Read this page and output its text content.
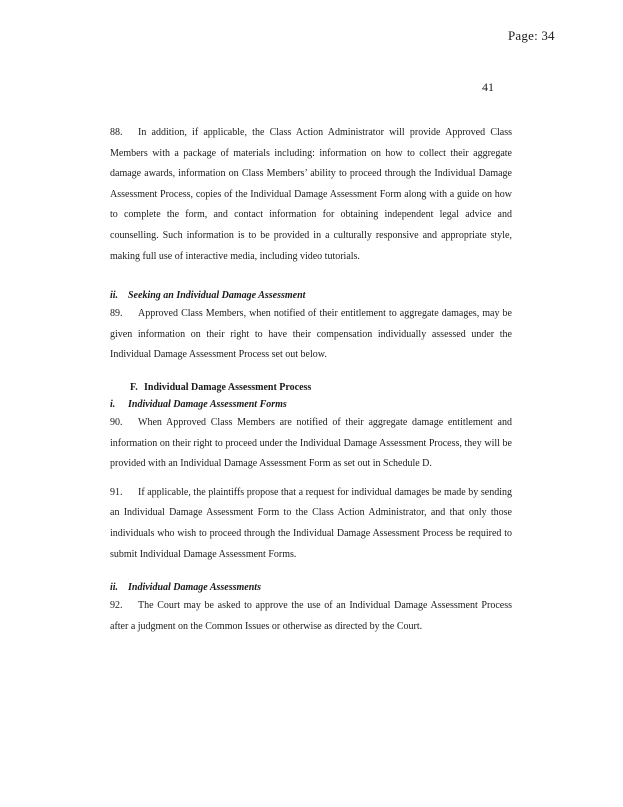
Page: 34
41

88. In addition, if applicable, the Class Action Administrator will provide Approved Class Members with a package of materials including: information on how to collect their aggregate damage awards, information on Class Members’ ability to proceed through the Individual Damage Assessment Process, copies of the Individual Damage Assessment Form along with a guide on how to complete the form, and contact information for obtaining independent legal advice and counselling. Such information is to be provided in a culturally responsive and appropriate style, making full use of interactive media, including video tutorials.

ii. Seeking an Individual Damage Assessment

89. Approved Class Members, when notified of their entitlement to aggregate damages, may be given information on their right to have their compensation individually assessed under the Individual Damage Assessment Process set out below.

F. Individual Damage Assessment Process

i. Individual Damage Assessment Forms

90. When Approved Class Members are notified of their aggregate damage entitlement and information on their right to proceed under the Individual Damage Assessment Process, they will be provided with an Individual Damage Assessment Form as set out in Schedule D.

91. If applicable, the plaintiffs propose that a request for individual damages be made by sending an Individual Damage Assessment Form to the Class Action Administrator, and that only those individuals who wish to proceed through the Individual Damage Assessment Process be required to submit Individual Damage Assessment Forms.

ii. Individual Damage Assessments

92. The Court may be asked to approve the use of an Individual Damage Assessment Process after a judgment on the Common Issues or otherwise as directed by the Court.
